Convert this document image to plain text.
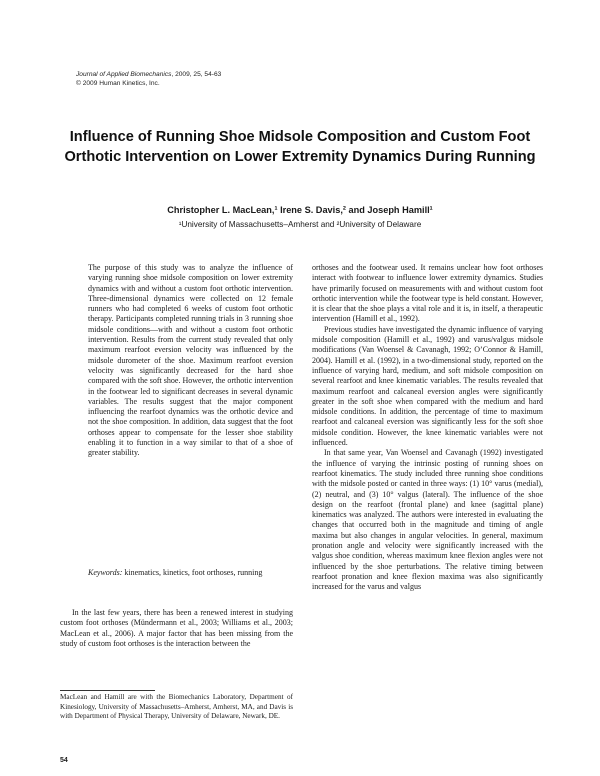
Journal of Applied Biomechanics, 2009, 25, 54-63
© 2009 Human Kinetics, Inc.
Influence of Running Shoe Midsole Composition and Custom Foot Orthotic Intervention on Lower Extremity Dynamics During Running
Christopher L. MacLean,¹ Irene S. Davis,² and Joseph Hamill¹
¹University of Massachusetts–Amherst and ²University of Delaware
The purpose of this study was to analyze the influence of varying running shoe midsole composition on lower extremity dynamics with and without a custom foot orthotic intervention. Three-dimensional dynamics were collected on 12 female runners who had completed 6 weeks of custom foot orthotic therapy. Participants completed running trials in 3 running shoe midsole conditions—with and without a custom foot orthotic intervention. Results from the current study revealed that only maximum rearfoot eversion velocity was influenced by the midsole durometer of the shoe. Maximum rearfoot eversion velocity was significantly decreased for the hard shoe compared with the soft shoe. However, the orthotic intervention in the footwear led to significant decreases in several dynamic variables. The results suggest that the major component influencing the rearfoot dynamics was the orthotic device and not the shoe composition. In addition, data suggest that the foot orthoses appear to compensate for the lesser shoe stability enabling it to function in a way similar to that of a shoe of greater stability.
Keywords: kinematics, kinetics, foot orthoses, running
In the last few years, there has been a renewed interest in studying custom foot orthoses (Mündermann et al., 2003; Williams et al., 2003; MacLean et al., 2006). A major factor that has been missing from the study of custom foot orthoses is the interaction between the
MacLean and Hamill are with the Biomechanics Laboratory, Department of Kinesiology, University of Massachusetts–Amherst, Amherst, MA, and Davis is with Department of Physical Therapy, University of Delaware, Newark, DE.

orthoses and the footwear used. It remains unclear how foot orthoses interact with footwear to influence lower extremity dynamics. Studies have primarily focused on measurements with and without custom foot orthotic intervention while the footwear type is held constant. However, it is clear that the shoe plays a vital role and it is, in itself, a therapeutic intervention (Hamill et al., 1992).

Previous studies have investigated the dynamic influence of varying midsole composition (Hamill et al., 1992) and varus/valgus midsole modifications (Van Woensel & Cavanagh, 1992; O’Connor & Hamill, 2004). Hamill et al. (1992), in a two-dimensional study, reported on the influence of varying hard, medium, and soft midsole composition on several rearfoot and knee kinematic variables. The results revealed that maximum rearfoot and calcaneal eversion angles were significantly greater in the soft shoe when compared with the medium and hard midsole conditions. In addition, the percentage of time to maximum rearfoot and calcaneal eversion was significantly less for the soft shoe midsole condition. However, the knee kinematic variables were not influenced.

In that same year, Van Woensel and Cavanagh (1992) investigated the influence of varying the intrinsic posting of running shoes on rearfoot kinematics. The study included three running shoe conditions with the midsole posted or canted in three ways: (1) 10° varus (medial), (2) neutral, and (3) 10° valgus (lateral). The influence of the shoe design on the rearfoot (frontal plane) and knee (sagittal plane) kinematics was analyzed. The authors were interested in evaluating the changes that occurred both in the magnitude and timing of angle maxima but also changes in angular velocities. In general, maximum pronation angle and velocity were significantly increased with the valgus shoe condition, whereas maximum knee flexion angles were not influenced by the shoe perturbations. The relative timing between rearfoot pronation and knee flexion maxima was also significantly increased for the varus and valgus

54
